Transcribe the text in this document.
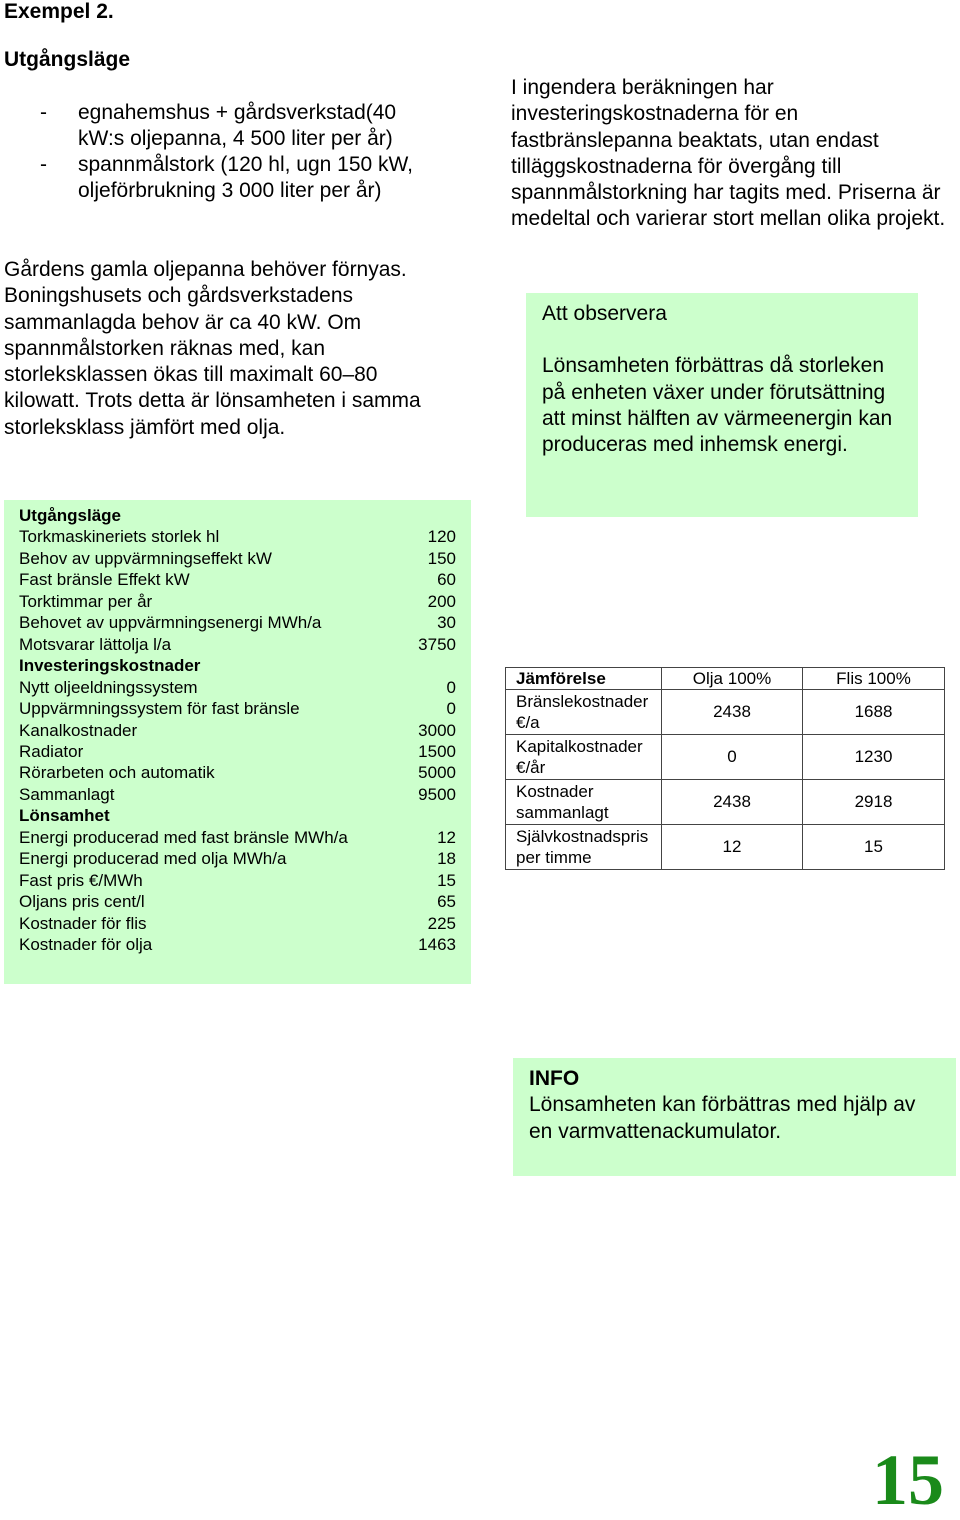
Exempel 2.
Utgångsläge
-	egnahemshus + gårdsverkstad(40 kW:s oljepanna, 4 500 liter per år)
-	spannmålstork (120 hl, ugn 150 kW, oljeförbrukning 3 000 liter per år)
Gårdens gamla oljepanna behöver förnyas. Boningshusets och gårdsverkstadens sammanlagda behov är ca 40 kW. Om spannmålstorken räknas med, kan storleksklassen ökas till maximalt 60–80 kilowatt. Trots detta är lönsamheten i samma storleksklass jämfört med olja.
I ingendera beräkningen har investeringskostnaderna för en fastbränslepanna beaktats, utan endast tilläggskostnaderna för övergång till spannmålstorkning har tagits med. Priserna är medeltal och varierar stort mellan olika projekt.
Att observera
Lönsamheten förbättras då storleken på enheten växer under förutsättning att minst hälften av värmeenergin kan produceras med inhemsk energi.
Utgångsläge
Torkmaskineriets storlek hl	120
Behov av uppvärmningseffekt kW	150
Fast bränsle Effekt kW	60
Torktimmar per år	200
Behovet av uppvärmningsenergi MWh/a	30
Motsvarar lättolja l/a	3750
Investeringskostnader
Nytt oljeeldningssystem	0
Uppvärmningssystem för fast bränsle	0
Kanalkostnader	3000
Radiator	1500
Rörarbeten och automatik	5000
Sammanlagt	9500
Lönsamhet
Energi producerad med fast bränsle MWh/a	12
Energi producerad med olja MWh/a	18
Fast pris €/MWh	15
Oljans pris cent/l	65
Kostnader för flis	225
Kostnader för olja	1463
Jämförelse	Olja 100%	Flis 100%
Bränslekostnader €/a	2438	1688
Kapitalkostnader €/år	0	1230
Kostnader sammanlagt	2438	2918
Självkostnadspris per timme	12	15
INFO
Lönsamheten kan förbättras med hjälp av en varmvattenackumulator.
15
